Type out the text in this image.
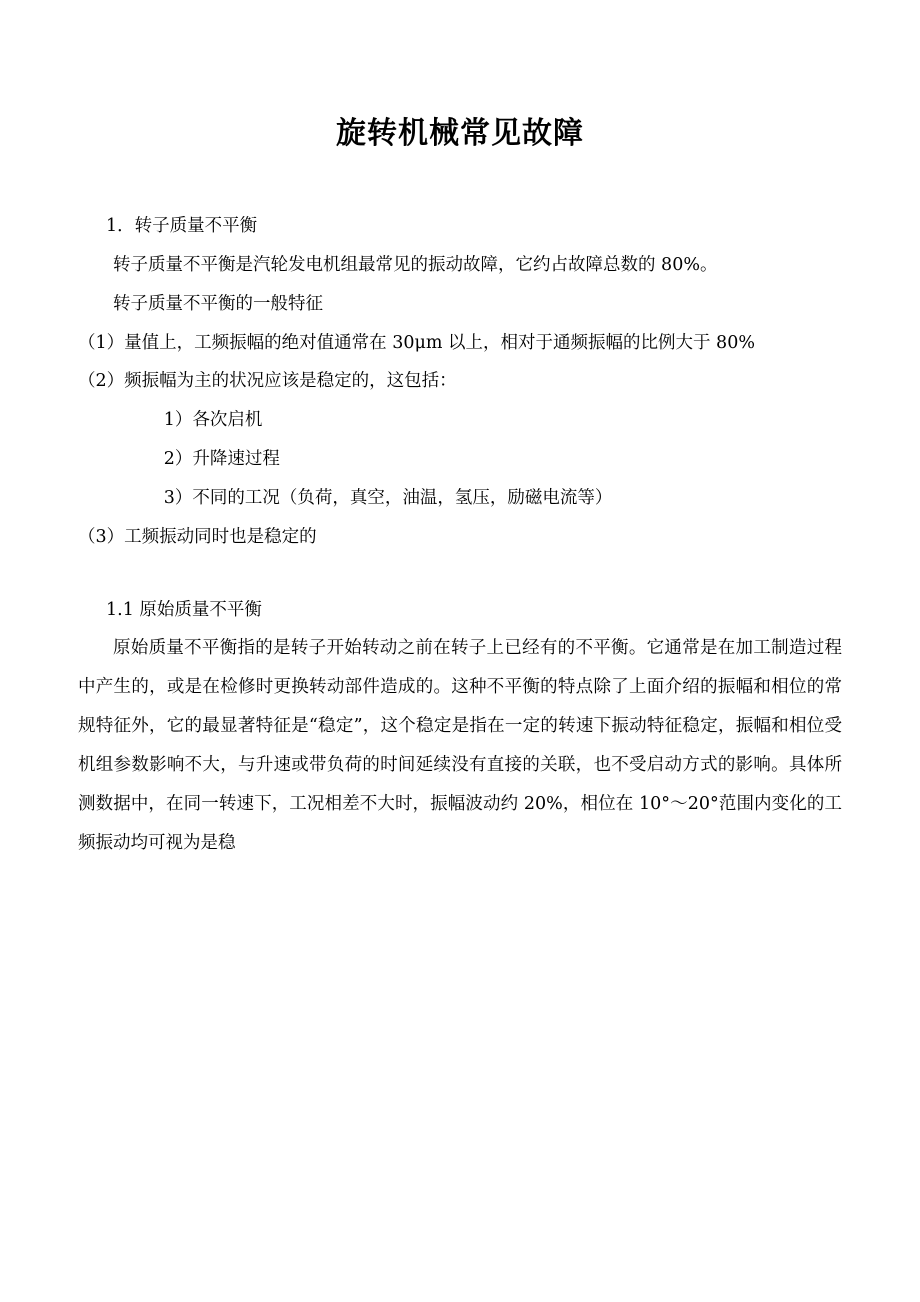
旋转机械常见故障

1．转子质量不平衡

转子质量不平衡是汽轮发电机组最常见的振动故障，它约占故障总数的 80%。

转子质量不平衡的一般特征

（1）量值上，工频振幅的绝对值通常在 30μm 以上，相对于通频振幅的比例大于 80%

（2）频振幅为主的状况应该是稳定的，这包括：

1）各次启机

2）升降速过程

3）不同的工况（负荷，真空，油温，氢压，励磁电流等）

（3）工频振动同时也是稳定的

1.1 原始质量不平衡

原始质量不平衡指的是转子开始转动之前在转子上已经有的不平衡。它通常是在加工制造过程中产生的，或是在检修时更换转动部件造成的。这种不平衡的特点除了上面介绍的振幅和相位的常规特征外，它的最显著特征是“稳定”，这个稳定是指在一定的转速下振动特征稳定，振幅和相位受机组参数影响不大，与升速或带负荷的时间延续没有直接的关联，也不受启动方式的影响。具体所测数据中，在同一转速下，工况相差不大时，振幅波动约 20%，相位在 10°～20°范围内变化的工频振动均可视为是稳
